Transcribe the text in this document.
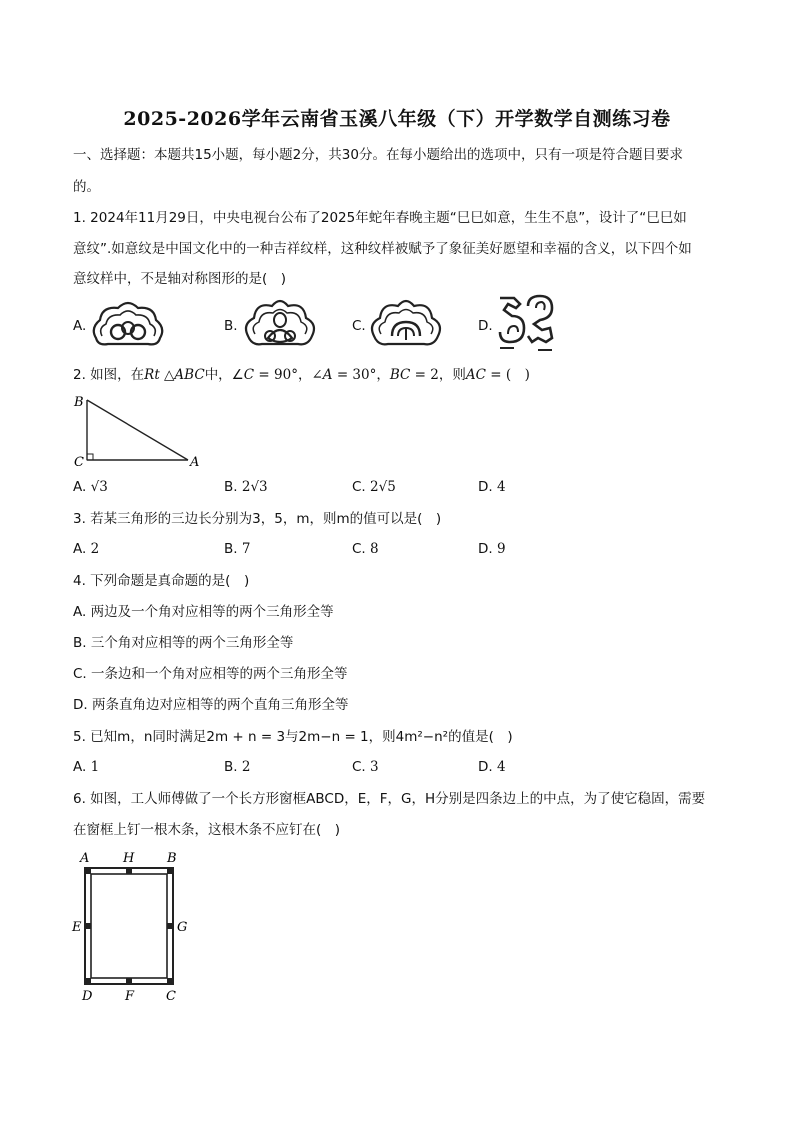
2025-2026学年云南省玉溪八年级（下）开学数学自测练习卷
一、选择题：本题共15小题，每小题2分，共30分。在每小题给出的选项中，只有一项是符合题目要求
的。
1. 2024年11月29日，中央电视台公布了2025年蛇年春晚主题“巳巳如意，生生不息”，设计了“巳巳如
意纹”.如意纹是中国文化中的一种吉祥纹样，这种纹样被赋予了象征美好愿望和幸福的含义，以下四个如
意纹样中，不是轴对称图形的是(　)
A.	B.	C.	D.
2. 如图，在Rt △ABC中，∠C = 90°，∠A = 30°，BC = 2，则AC = (　)
B
C	A
A. √3	B. 2√3	C. 2√5	D. 4
3. 若某三角形的三边长分别为3，5，m，则m的值可以是(　)
A. 2	B. 7	C. 8	D. 9
4. 下列命题是真命题的是(　)
A. 两边及一个角对应相等的两个三角形全等
B. 三个角对应相等的两个三角形全等
C. 一条边和一个角对应相等的两个三角形全等
D. 两条直角边对应相等的两个直角三角形全等
5. 已知m，n同时满足2m + n = 3与2m−n = 1，则4m²−n²的值是(　)
A. 1	B. 2	C. 3	D. 4
6. 如图，工人师傅做了一个长方形窗框ABCD，E，F，G，H分别是四条边上的中点，为了使它稳固，需要
在窗框上钉一根木条，这根木条不应钉在(　)
A	H	B
E	G
D	F C
